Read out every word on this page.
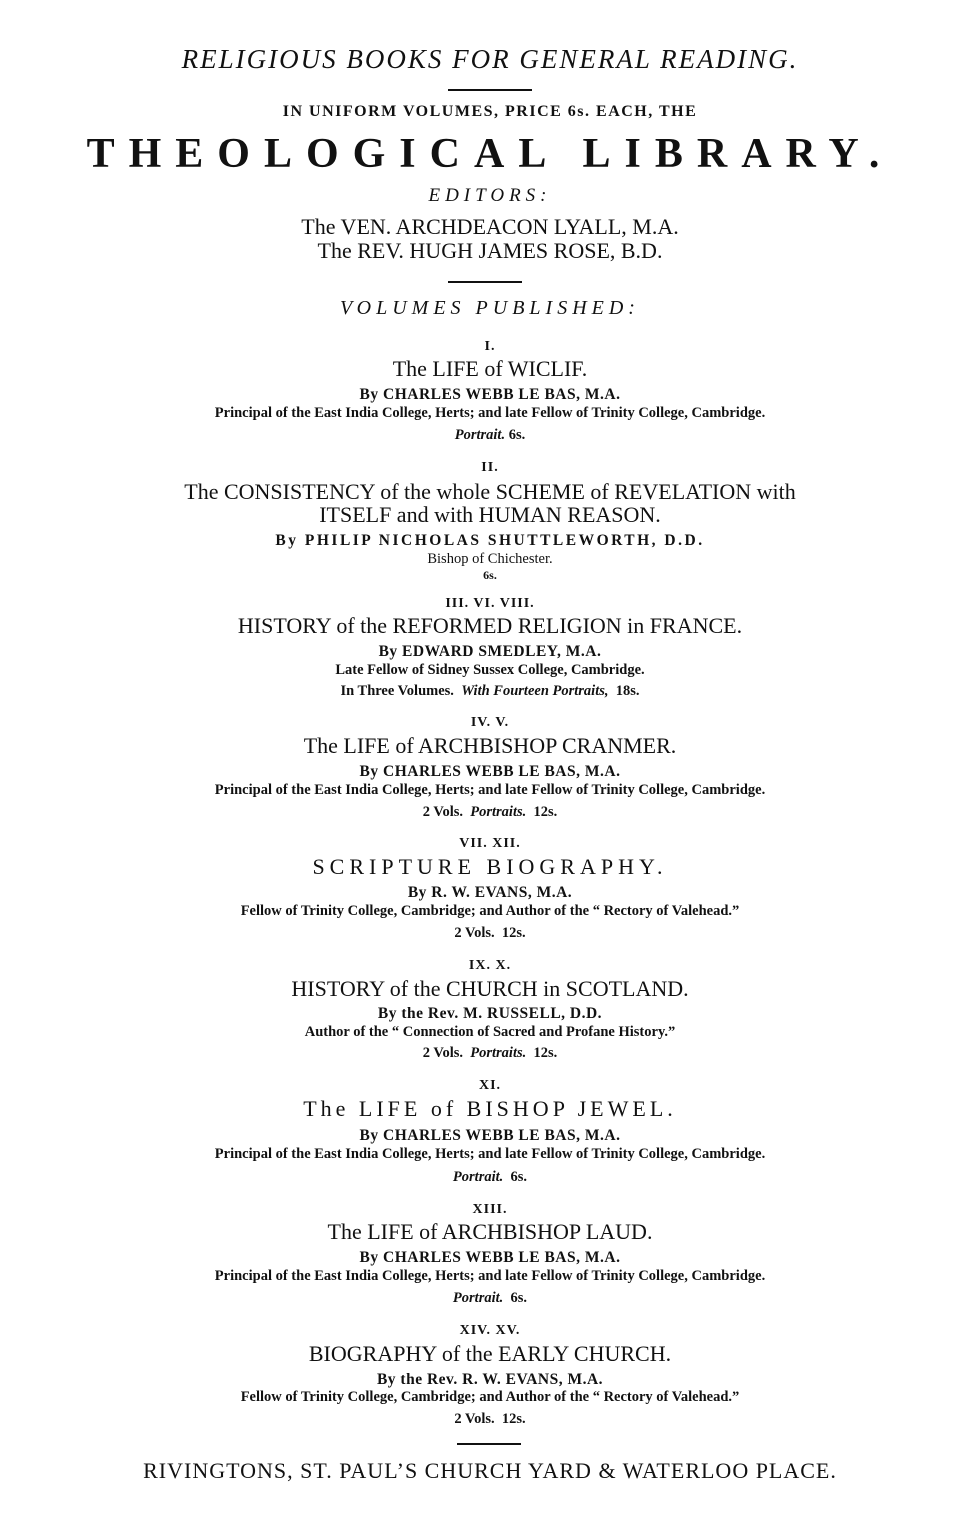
RELIGIOUS BOOKS FOR GENERAL READING.
IN UNIFORM VOLUMES, PRICE 6s. EACH, THE
THEOLOGICAL LIBRARY.
EDITORS:
The VEN. ARCHDEACON LYALL, M.A.
The REV. HUGH JAMES ROSE, B.D.
VOLUMES PUBLISHED:
I.
The LIFE of WICLIF.
By CHARLES WEBB LE BAS, M.A.
Principal of the East India College, Herts; and late Fellow of Trinity College, Cambridge.
Portrait. 6s.
II.
The CONSISTENCY of the whole SCHEME of REVELATION with
ITSELF and with HUMAN REASON.
By PHILIP NICHOLAS SHUTTLEWORTH, D.D.
Bishop of Chichester.
6s.
III. VI. VIII.
HISTORY of the REFORMED RELIGION in FRANCE.
By EDWARD SMEDLEY, M.A.
Late Fellow of Sidney Sussex College, Cambridge.
In Three Volumes. With Fourteen Portraits, 18s.
IV. V.
The LIFE of ARCHBISHOP CRANMER.
By CHARLES WEBB LE BAS, M.A.
Principal of the East India College, Herts; and late Fellow of Trinity College, Cambridge.
2 Vols. Portraits. 12s.
VII. XII.
SCRIPTURE BIOGRAPHY.
By R. W. EVANS, M.A.
Fellow of Trinity College, Cambridge; and Author of the “ Rectory of Valehead.”
2 Vols. 12s.
IX. X.
HISTORY of the CHURCH in SCOTLAND.
By the Rev. M. RUSSELL, D.D.
Author of the “ Connection of Sacred and Profane History.”
2 Vols. Portraits. 12s.
XI.
The LIFE of BISHOP JEWEL.
By CHARLES WEBB LE BAS, M.A.
Principal of the East India College, Herts; and late Fellow of Trinity College, Cambridge.
Portrait. 6s.
XIII.
The LIFE of ARCHBISHOP LAUD.
By CHARLES WEBB LE BAS, M.A.
Principal of the East India College, Herts; and late Fellow of Trinity College, Cambridge.
Portrait. 6s.
XIV. XV.
BIOGRAPHY of the EARLY CHURCH.
By the Rev. R. W. EVANS, M.A.
Fellow of Trinity College, Cambridge; and Author of the “ Rectory of Valehead.”
2 Vols. 12s.
RIVINGTONS, ST. PAUL’S CHURCH YARD & WATERLOO PLACE.
